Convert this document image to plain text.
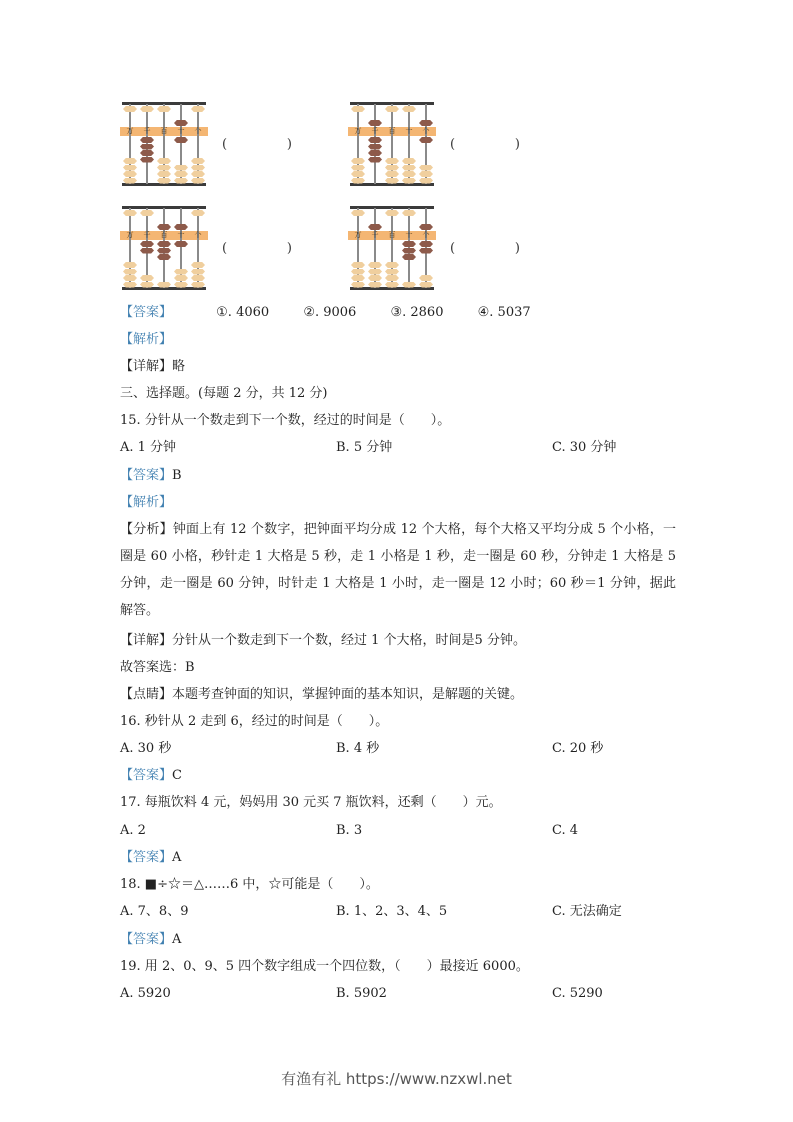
万 千 百 十 个
(	)
万 千 百 十 个
(	)
万 千 百 十 个
(	)
万 千 百 十 个
(	)
【答案】	①. 4060	②. 9006	③. 2860	④. 5037
【解析】
【详解】略
三、选择题。(每题 2 分，共 12 分)
15. 分针从一个数走到下一个数，经过的时间是（　　）。
A. 1 分钟	B. 5 分钟	C. 30 分钟
【答案】B
【解析】
【分析】钟面上有 12 个数字，把钟面平均分成 12 个大格，每个大格又平均分成 5 个小格，一圈是 60 小格，秒针走 1 大格是 5 秒，走 1 小格是 1 秒，走一圈是 60 秒，分钟走 1 大格是 5 分钟，走一圈是 60 分钟，时针走 1 大格是 1 小时，走一圈是 12 小时；60 秒＝1 分钟，据此解答。
【详解】分针从一个数走到下一个数，经过 1 个大格，时间是5 分钟。
故答案选：B
【点睛】本题考查钟面的知识，掌握钟面的基本知识，是解题的关键。
16. 秒针从 2 走到 6，经过的时间是（　　）。
A. 30 秒	B. 4 秒	C. 20 秒
【答案】C
17. 每瓶饮料 4 元，妈妈用 30 元买 7 瓶饮料，还剩（　　）元。
A. 2	B. 3	C. 4
【答案】A
18. ■÷☆＝△……6 中，☆可能是（　　）。
A. 7、8、9	B. 1、2、3、4、5	C. 无法确定
【答案】A
19. 用 2、0、9、5 四个数字组成一个四位数，（　　）最接近 6000。
A. 5920	B. 5902	C. 5290
有渔有礼 https://www.nzxwl.net
